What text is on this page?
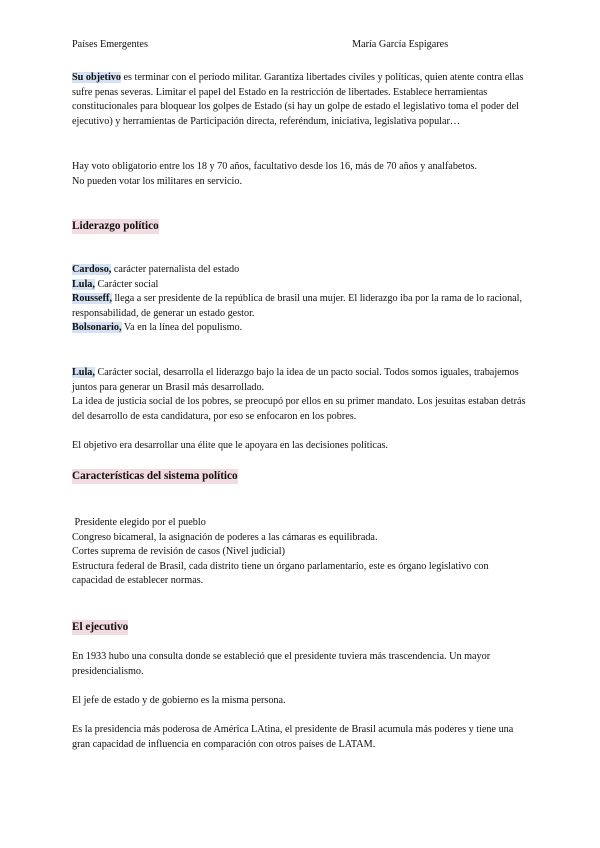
Países Emergentes	María García Espigares

Su objetivo es terminar con el periodo militar. Garantiza libertades civiles y políticas, quien atente contra ellas sufre penas severas. Limitar el papel del Estado en la restricción de libertades. Establece herramientas constitucionales para bloquear los golpes de Estado (si hay un golpe de estado el legislativo toma el poder del ejecutivo) y herramientas de Participación directa, referéndum, iniciativa, legislativa popular…

Hay voto obligatorio entre los 18 y 70 años, facultativo desde los 16, más de 70 años y analfabetos.
No pueden votar los militares en servicio.

Liderazgo político
Cardoso, carácter paternalista del estado
Lula, Carácter social
Rousseff, llega a ser presidente de la república de brasil una mujer. El liderazgo iba por la rama de lo racional, responsabilidad, de generar un estado gestor.
Bolsonario, Va en la línea del populismo.

Lula, Carácter social, desarrolla el liderazgo bajo la idea de un pacto social. Todos somos iguales, trabajemos juntos para generar un Brasil más desarrollado.

La idea de justicia social de los pobres, se preocupó por ellos en su primer mandato. Los jesuitas estaban detrás del desarrollo de esta candidatura, por eso se enfocaron en los pobres.

El objetivo era desarrollar una élite que le apoyara en las decisiones políticas.

Características del sistema político
Presidente elegido por el pueblo
Congreso bicameral, la asignación de poderes a las cámaras es equilibrada.
Cortes suprema de revisión de casos (Nivel judicial)
Estructura federal de Brasil, cada distrito tiene un órgano parlamentario, este es órgano legislativo con capacidad de establecer normas.
El ejecutivo

En 1933 hubo una consulta donde se estableció que el presidente tuviera más trascendencia. Un mayor presidencialismo.

El jefe de estado y de gobierno es la misma persona.

Es la presidencia más poderosa de América LAtina, el presidente de Brasil acumula más poderes y tiene una gran capacidad de influencia en comparación con otros países de LATAM.
